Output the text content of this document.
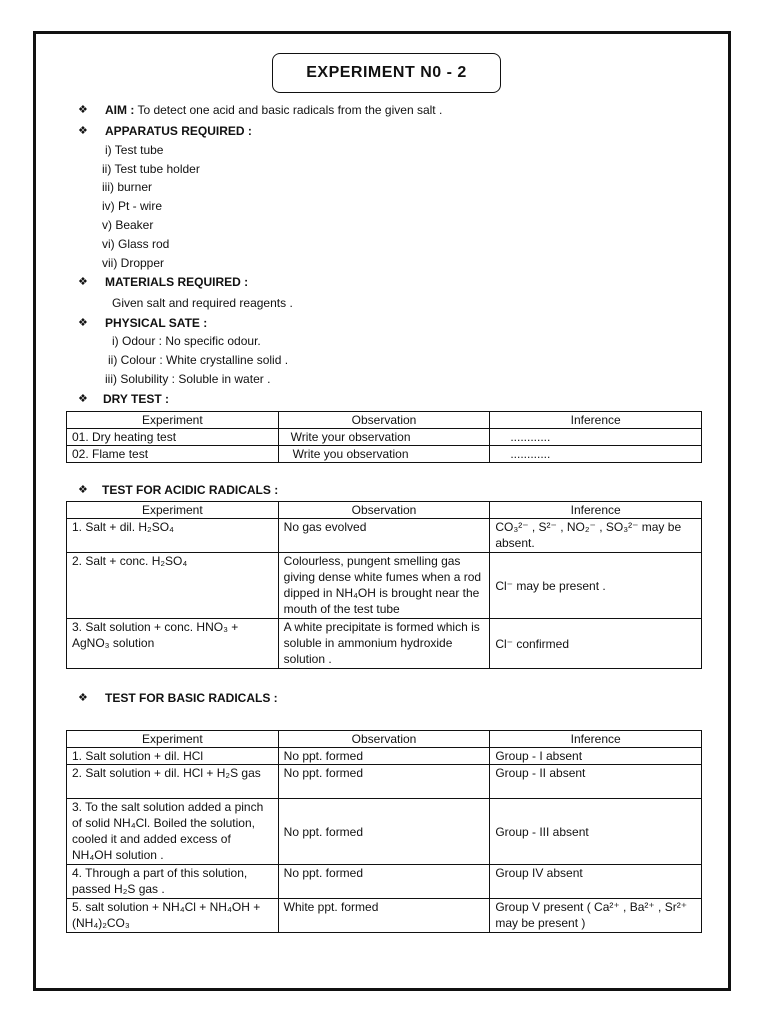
EXPERIMENT N0 - 2
❖ AIM : To detect one acid and basic radicals from the given salt .
❖ APPARATUS REQUIRED :
i) Test tube
ii) Test tube holder
iii) burner
iv) Pt - wire
v) Beaker
vi) Glass rod
vii) Dropper
❖ MATERIALS REQUIRED :
Given salt and required reagents .
❖ PHYSICAL SATE :
i) Odour : No specific odour.
ii) Colour : White crystalline solid .
iii) Solubility : Soluble in water .
❖ DRY TEST :
Experiment	Observation	Inference
01. Dry heating test	Write your observation	............
02. Flame test	Write you observation	............
❖ TEST FOR ACIDIC RADICALS :
Experiment	Observation	Inference
1. Salt + dil. H₂SO₄	No gas evolved	CO₃²⁻ , S²⁻ , NO₂⁻ , SO₃²⁻ may be absent.
2. Salt + conc. H₂SO₄	Colourless, pungent smelling gas giving dense white fumes when a rod dipped in NH₄OH is brought near the mouth of the test tube	Cl⁻ may be present .
3. Salt solution + conc. HNO₃ + AgNO₃ solution	A white precipitate is formed which is soluble in ammonium hydroxide solution .	Cl⁻ confirmed
❖ TEST FOR BASIC RADICALS :
Experiment	Observation	Inference
1. Salt solution + dil. HCl	No ppt. formed	Group - I absent
2. Salt solution + dil. HCl + H₂S gas	No ppt. formed	Group - II absent
3. To the salt solution added a pinch of solid NH₄Cl. Boiled the solution, cooled it and added excess of NH₄OH solution .	No ppt. formed	Group - III absent
4. Through a part of this solution, passed H₂S gas .	No ppt. formed	Group IV absent
5. salt solution + NH₄Cl + NH₄OH + (NH₄)₂CO₃	White ppt. formed	Group V present ( Ca²⁺ , Ba²⁺ , Sr²⁺ may be present )
